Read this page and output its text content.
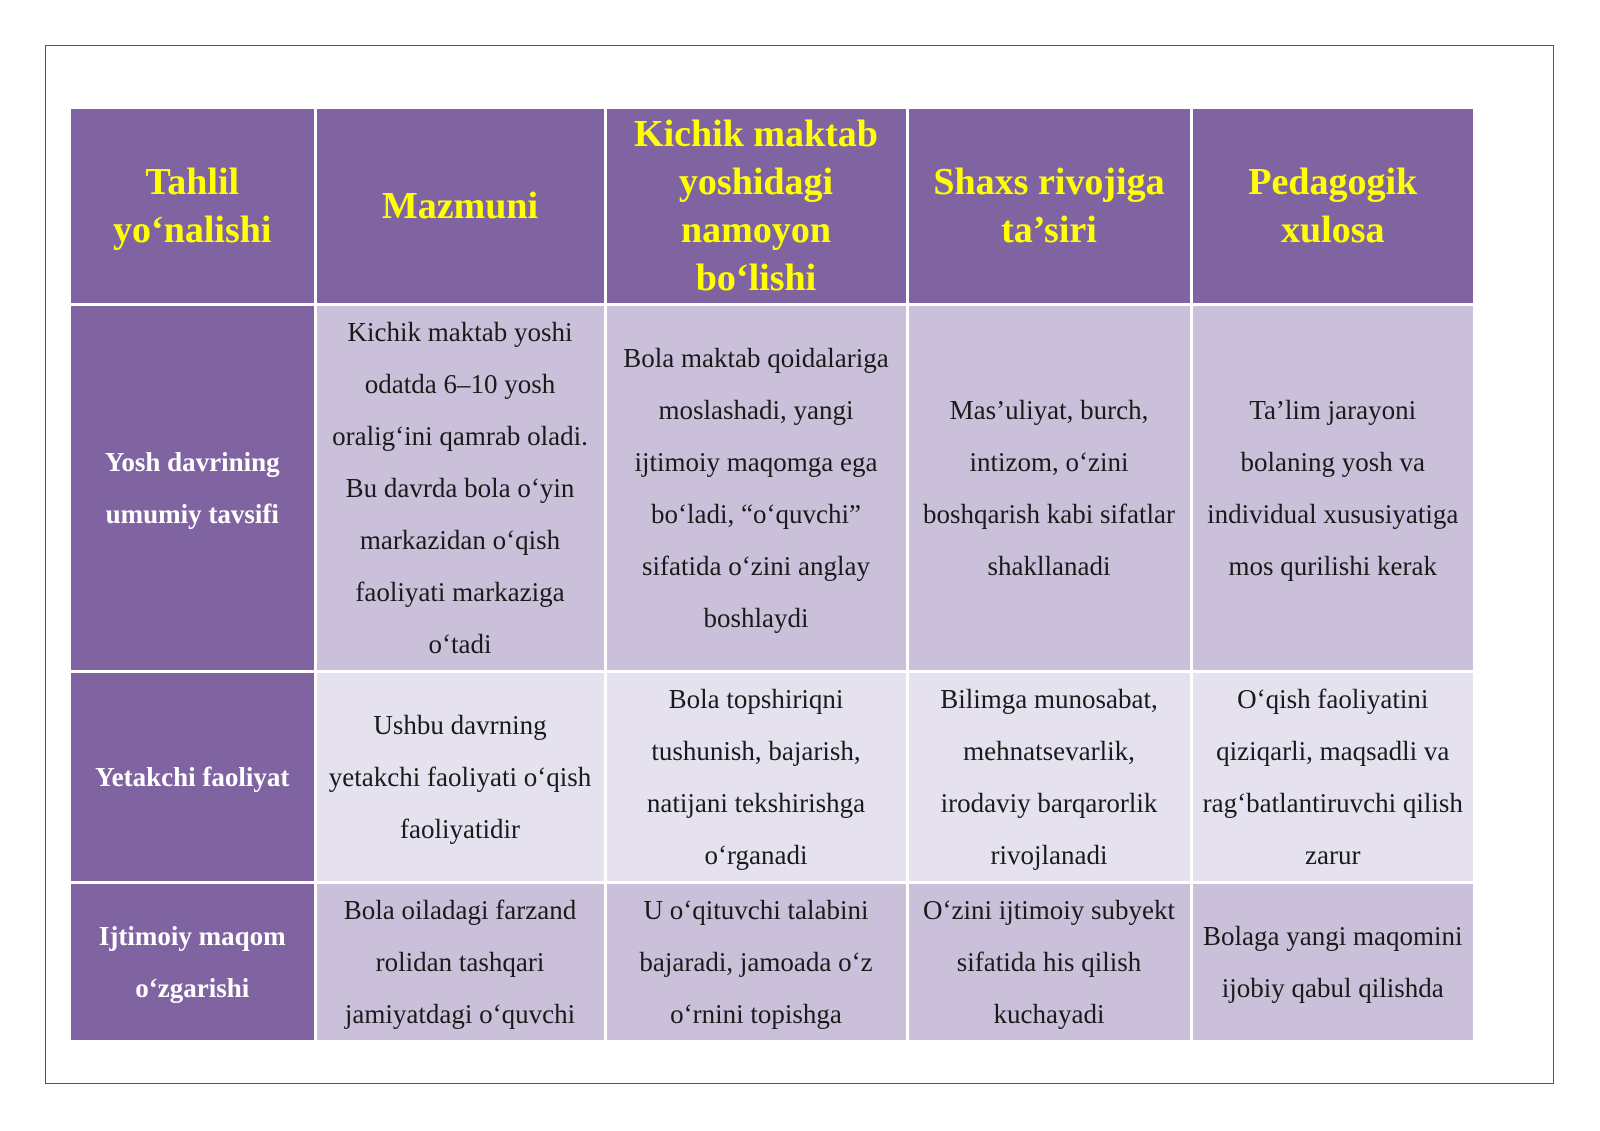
Tahlil yo‘nalishi	Mazmuni	Kichik maktab yoshidagi namoyon bo‘lishi	Shaxs rivojiga ta’siri	Pedagogik xulosa
Yosh davrining umumiy tavsifi	Kichik maktab yoshi odatda 6–10 yosh oralig‘ini qamrab oladi. Bu davrda bola o‘yin markazidan o‘qish faoliyati markaziga o‘tadi	Bola maktab qoidalariga moslashadi, yangi ijtimoiy maqomga ega bo‘ladi, “o‘quvchi” sifatida o‘zini anglay boshlaydi	Mas’uliyat, burch, intizom, o‘zini boshqarish kabi sifatlar shakllanadi	Ta’lim jarayoni bolaning yosh va individual xususiyatiga mos qurilishi kerak
Yetakchi faoliyat	Ushbu davrning yetakchi faoliyati o‘qish faoliyatidir	Bola topshiriqni tushunish, bajarish, natijani tekshirishga o‘rganadi	Bilimga munosabat, mehnatsevarlik, irodaviy barqarorlik rivojlanadi	O‘qish faoliyatini qiziqarli, maqsadli va rag‘batlantiruvchi qilish zarur
Ijtimoiy maqom o‘zgarishi	Bola oiladagi farzand rolidan tashqari jamiyatdagi o‘quvchi	U o‘qituvchi talabini bajaradi, jamoada o‘z o‘rnini topishga	O‘zini ijtimoiy subyekt sifatida his qilish kuchayadi	Bolaga yangi maqomini ijobiy qabul qilishda
